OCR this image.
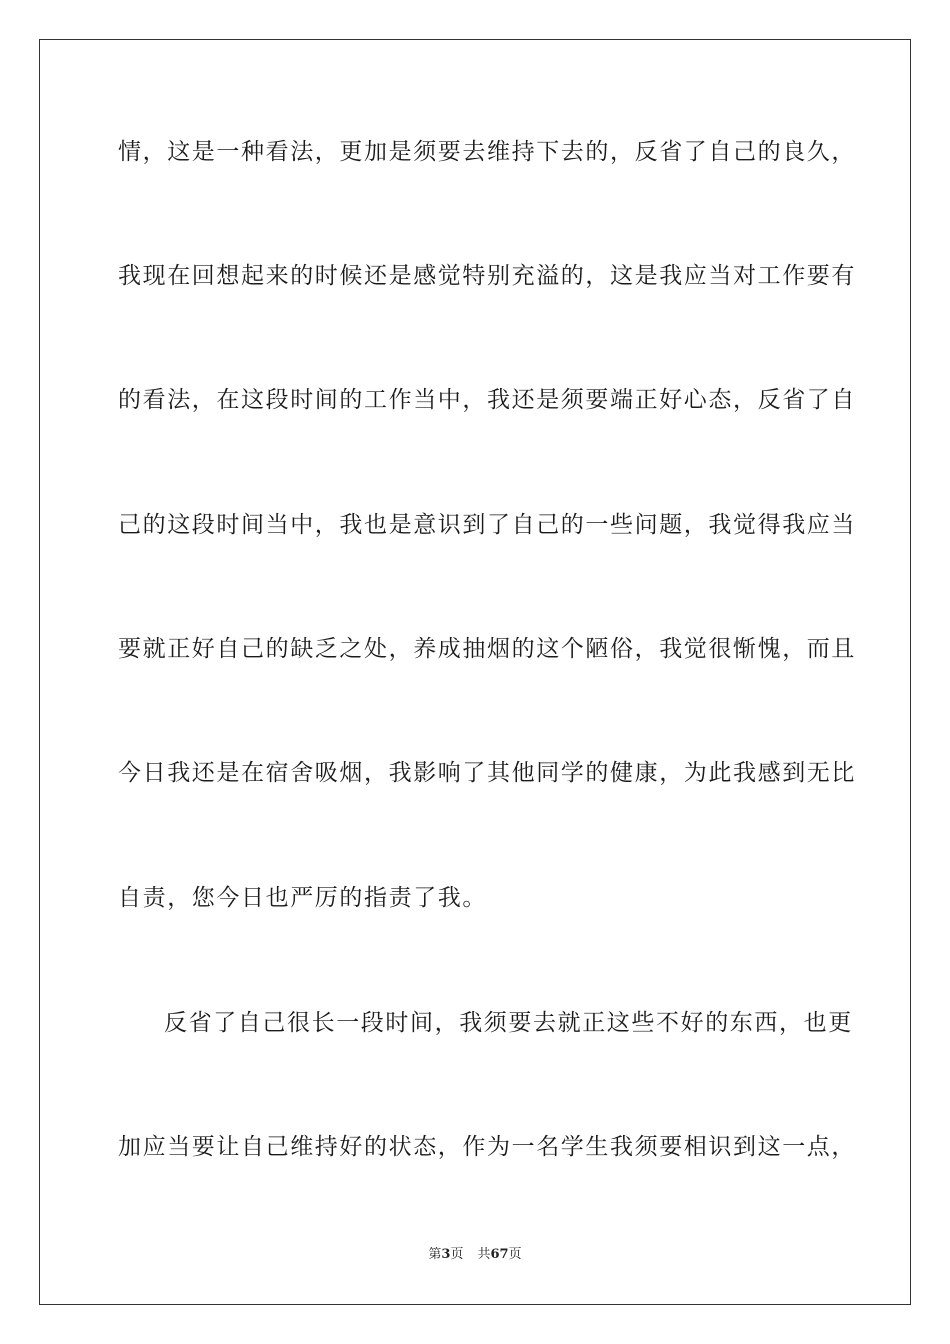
情，这是一种看法，更加是须要去维持下去的，反省了自己的良久，
我现在回想起来的时候还是感觉特别充溢的，这是我应当对工作要有
的看法，在这段时间的工作当中，我还是须要端正好心态，反省了自
己的这段时间当中，我也是意识到了自己的一些问题，我觉得我应当
要就正好自己的缺乏之处，养成抽烟的这个陋俗，我觉很惭愧，而且
今日我还是在宿舍吸烟，我影响了其他同学的健康，为此我感到无比
自责，您今日也严厉的指责了我。
反省了自己很长一段时间，我须要去就正这些不好的东西，也更
加应当要让自己维持好的状态，作为一名学生我须要相识到这一点，
第3页 共67页
